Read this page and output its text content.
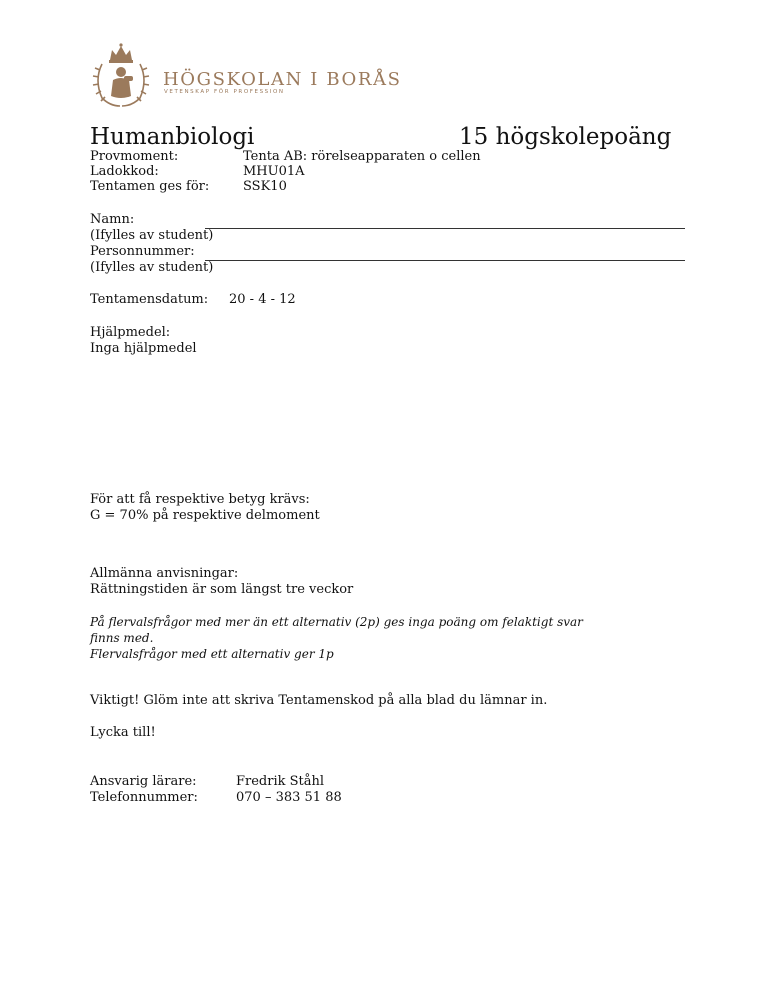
HÖGSKOLAN I BORÅS
VETENSKAP FÖR PROFESSION
Humanbiologi	15 högskolepoäng
Provmoment:	Tenta AB: rörelseapparaten o cellen
Ladokkod:	MHU01A
Tentamen ges för:	SSK10
Namn:
(Ifylles av student)
Personnummer:
(Ifylles av student)
Tentamensdatum: 20 - 4 - 12
Hjälpmedel:
Inga hjälpmedel
För att få respektive betyg krävs:
G = 70% på respektive delmoment
Allmänna anvisningar:
Rättningstiden är som längst tre veckor
På flervalsfrågor med mer än ett alternativ (2p) ges inga poäng om felaktigt svar
finns med.
Flervalsfrågor med ett alternativ ger 1p
Viktigt! Glöm inte att skriva Tentamenskod på alla blad du lämnar in.
Lycka till!
Ansvarig lärare:	Fredrik Ståhl
Telefonnummer:	070 – 383 51 88
